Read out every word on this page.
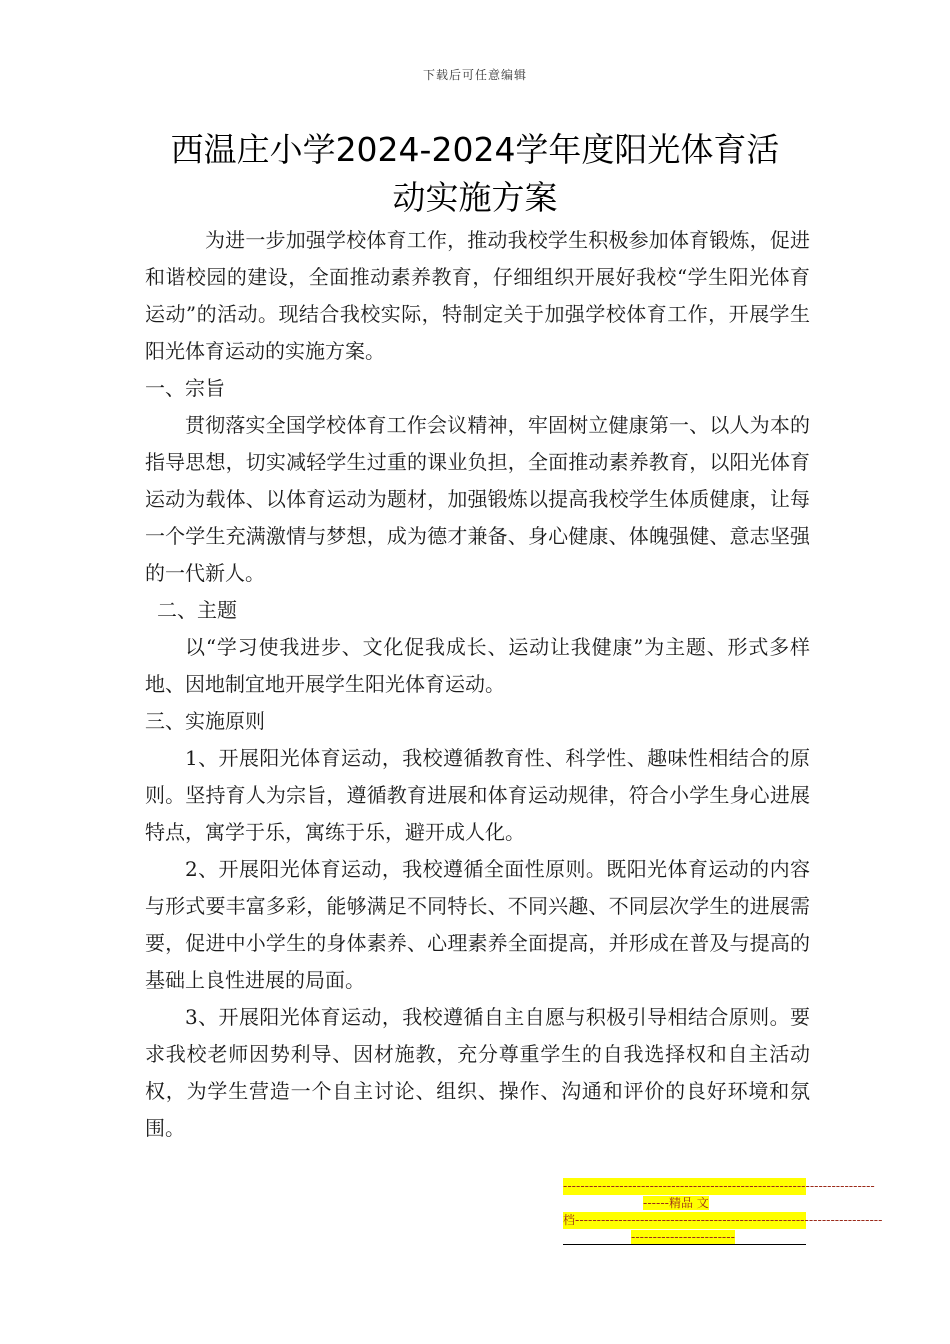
下载后可任意编辑
西温庄小学2024-2024学年度阳光体育活
动实施方案

为进一步加强学校体育工作，推动我校学生积极参加体育锻炼，促进和谐校园的建设，全面推动素养教育，仔细组织开展好我校“学生阳光体育运动”的活动。现结合我校实际，特制定关于加强学校体育工作，开展学生阳光体育运动的实施方案。

一、宗旨

贯彻落实全国学校体育工作会议精神，牢固树立健康第一、以人为本的指导思想，切实减轻学生过重的课业负担，全面推动素养教育，以阳光体育运动为载体、以体育运动为题材，加强锻炼以提高我校学生体质健康，让每一个学生充满激情与梦想，成为德才兼备、身心健康、体魄强健、意志坚强的一代新人。

二、主题

以“学习使我进步、文化促我成长、运动让我健康”为主题、形式多样地、因地制宜地开展学生阳光体育运动。

三、实施原则

1、开展阳光体育运动，我校遵循教育性、科学性、趣味性相结合的原则。坚持育人为宗旨，遵循教育进展和体育运动规律，符合小学生身心进展特点，寓学于乐，寓练于乐，避开成人化。

2、开展阳光体育运动，我校遵循全面性原则。既阳光体育运动的内容与形式要丰富多彩，能够满足不同特长、不同兴趣、不同层次学生的进展需要，促进中小学生的身体素养、心理素养全面提高，并形成在普及与提高的基础上良性进展的局面。

3、开展阳光体育运动，我校遵循自主自愿与积极引导相结合原则。要求我校老师因势利导、因材施教，充分尊重学生的自我选择权和自主活动权，为学生营造一个自主讨论、组织、操作、沟通和评价的良好环境和氛围。

------------------------------------------------------------------------
------精品 文
档-----------------------------------------------------------------------
------------------------
